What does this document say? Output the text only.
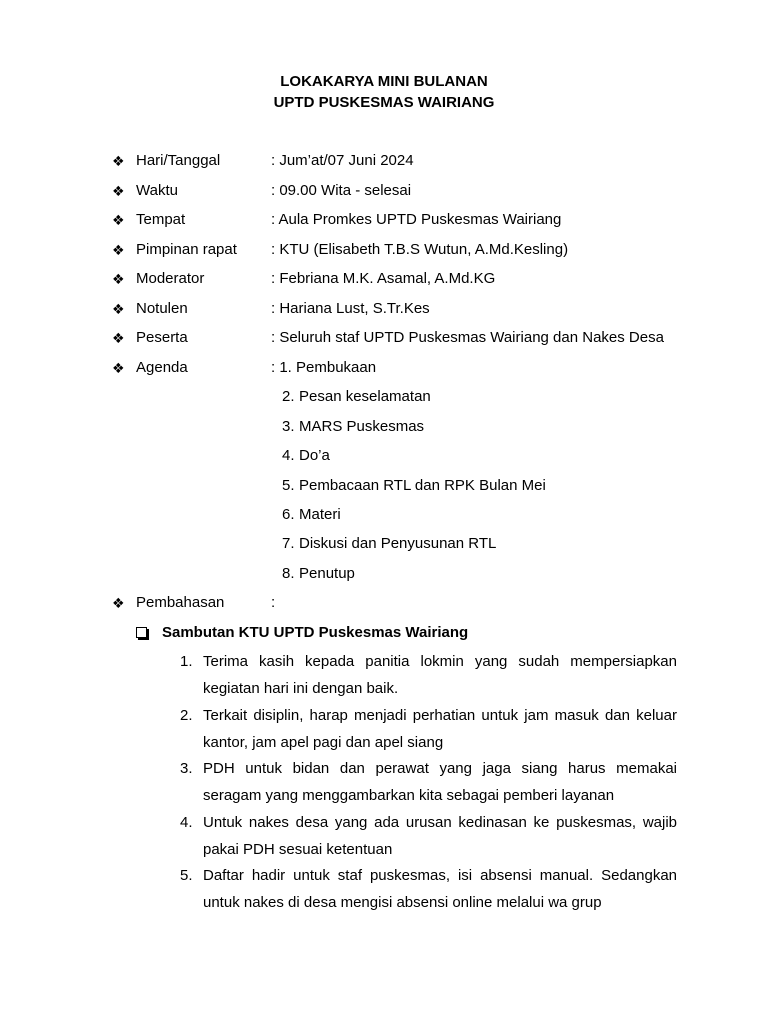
LOKAKARYA MINI BULANAN
UPTD PUSKESMAS WAIRIANG
❖ Hari/Tanggal	: Jum’at/07 Juni 2024
❖ Waktu	: 09.00 Wita - selesai
❖ Tempat	: Aula Promkes UPTD Puskesmas Wairiang
❖ Pimpinan rapat : KTU (Elisabeth T.B.S Wutun, A.Md.Kesling)
❖ Moderator	: Febriana M.K. Asamal, A.Md.KG
❖ Notulen	: Hariana Lust, S.Tr.Kes
❖ Peserta	: Seluruh staf UPTD Puskesmas Wairiang dan Nakes Desa
❖ Agenda	: 1. Pembukaan
2. Pesan keselamatan
3. MARS Puskesmas
4. Do’a
5. Pembacaan RTL dan RPK Bulan Mei
6. Materi
7. Diskusi dan Penyusunan RTL
8. Penutup
❖ Pembahasan	:
Sambutan KTU UPTD Puskesmas Wairiang
1. Terima kasih kepada panitia lokmin yang sudah mempersiapkan kegiatan hari ini dengan baik.
2. Terkait disiplin, harap menjadi perhatian untuk jam masuk dan keluar kantor, jam apel pagi dan apel siang
3. PDH untuk bidan dan perawat yang jaga siang harus memakai seragam yang menggambarkan kita sebagai pemberi layanan
4. Untuk nakes desa yang ada urusan kedinasan ke puskesmas, wajib pakai PDH sesuai ketentuan
5. Daftar hadir untuk staf puskesmas, isi absensi manual. Sedangkan untuk nakes di desa mengisi absensi online melalui wa grup
